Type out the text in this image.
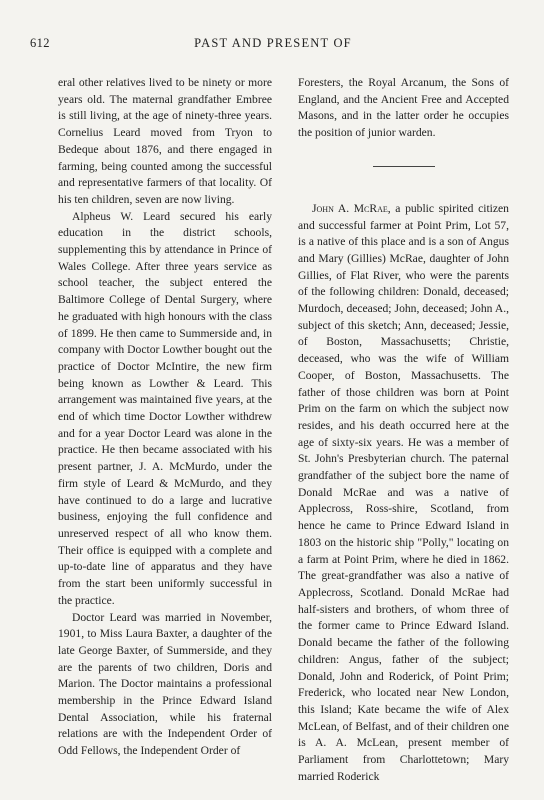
612	PAST AND PRESENT OF

eral other relatives lived to be ninety or more years old. The maternal grandfather Embree is still living, at the age of ninety-three years. Cornelius Leard moved from Tryon to Bedeque about 1876, and there engaged in farming, being counted among the successful and representative farmers of that locality. Of his ten children, seven are now living.

Alpheus W. Leard secured his early education in the district schools, supplementing this by attendance in Prince of Wales College. After three years service as school teacher, the subject entered the Baltimore College of Dental Surgery, where he graduated with high honours with the class of 1899. He then came to Summerside and, in company with Doctor Lowther bought out the practice of Doctor McIntire, the new firm being known as Lowther & Leard. This arrangement was maintained five years, at the end of which time Doctor Lowther withdrew and for a year Doctor Leard was alone in the practice. He then became associated with his present partner, J. A. McMurdo, under the firm style of Leard & McMurdo, and they have continued to do a large and lucrative business, enjoying the full confidence and unreserved respect of all who know them. Their office is equipped with a complete and up-to-date line of apparatus and they have from the start been uniformly successful in the practice.

Doctor Leard was married in November, 1901, to Miss Laura Baxter, a daughter of the late George Baxter, of Summerside, and they are the parents of two children, Doris and Marion. The Doctor maintains a professional membership in the Prince Edward Island Dental Association, while his fraternal relations are with the Independent Order of Odd Fellows, the Independent Order of

Foresters, the Royal Arcanum, the Sons of England, and the Ancient Free and Accepted Masons, and in the latter order he occupies the position of junior warden.

John A. McRae, a public spirited citizen and successful farmer at Point Prim, Lot 57, is a native of this place and is a son of Angus and Mary (Gillies) McRae, daughter of John Gillies, of Flat River, who were the parents of the following children: Donald, deceased; Murdoch, deceased; John, deceased; John A., subject of this sketch; Ann, deceased; Jessie, of Boston, Massachusetts; Christie, deceased, who was the wife of William Cooper, of Boston, Massachusetts. The father of those children was born at Point Prim on the farm on which the subject now resides, and his death occurred here at the age of sixty-six years. He was a member of St. John's Presbyterian church. The paternal grandfather of the subject bore the name of Donald McRae and was a native of Applecross, Ross-shire, Scotland, from hence he came to Prince Edward Island in 1803 on the historic ship "Polly," locating on a farm at Point Prim, where he died in 1862. The great-grandfather was also a native of Applecross, Scotland. Donald McRae had half-sisters and brothers, of whom three of the former came to Prince Edward Island. Donald became the father of the following children: Angus, father of the subject; Donald, John and Roderick, of Point Prim; Frederick, who located near New London, this Island; Kate became the wife of Alex McLean, of Belfast, and of their children one is A. A. McLean, present member of Parliament from Charlottetown; Mary married Roderick
